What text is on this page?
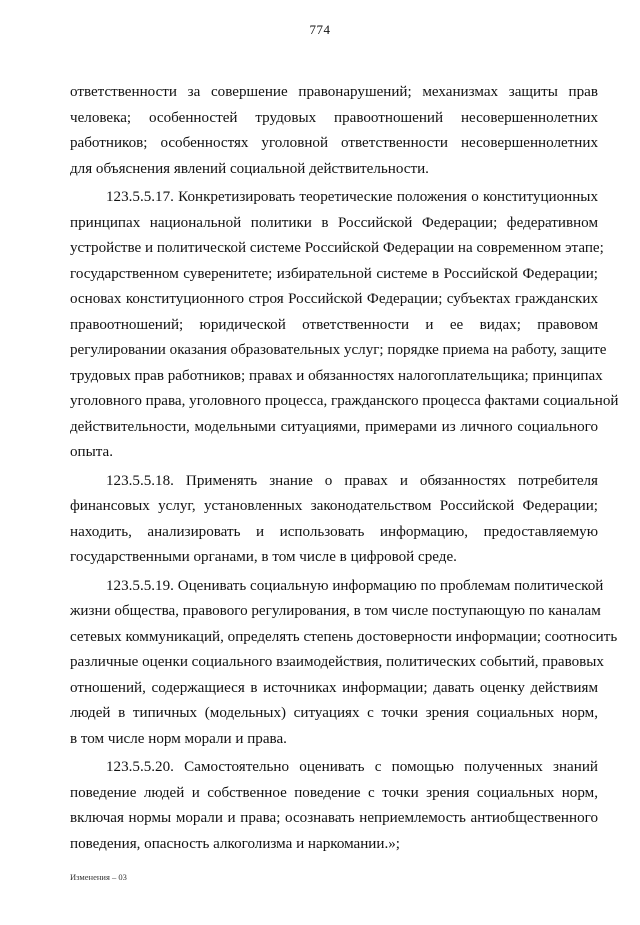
774
ответственности за совершение правонарушений; механизмах защиты прав
человека; особенностей трудовых правоотношений несовершеннолетних
работников; особенностях уголовной ответственности несовершеннолетних
для объяснения явлений социальной действительности.
123.5.5.17. Конкретизировать теоретические положения о конституционных
принципах национальной политики в Российской Федерации; федеративном
устройстве и политической системе Российской Федерации на современном этапе;
государственном суверенитете; избирательной системе в Российской Федерации;
основах конституционного строя Российской Федерации; субъектах гражданских
правоотношений; юридической ответственности и ее видах; правовом
регулировании оказания образовательных услуг; порядке приема на работу, защите
трудовых прав работников; правах и обязанностях налогоплательщика; принципах
уголовного права, уголовного процесса, гражданского процесса фактами социальной
действительности, модельными ситуациями, примерами из личного социального
опыта.
123.5.5.18. Применять знание о правах и обязанностях потребителя
финансовых услуг, установленных законодательством Российской Федерации;
находить, анализировать и использовать информацию, предоставляемую
государственными органами, в том числе в цифровой среде.
123.5.5.19. Оценивать социальную информацию по проблемам политической
жизни общества, правового регулирования, в том числе поступающую по каналам
сетевых коммуникаций, определять степень достоверности информации; соотносить
различные оценки социального взаимодействия, политических событий, правовых
отношений, содержащиеся в источниках информации; давать оценку действиям
людей в типичных (модельных) ситуациях с точки зрения социальных норм,
в том числе норм морали и права.
123.5.5.20. Самостоятельно оценивать с помощью полученных знаний
поведение людей и собственное поведение с точки зрения социальных норм,
включая нормы морали и права; осознавать неприемлемость антиобщественного
поведения, опасность алкоголизма и наркомании.»;
Изменения – 03
